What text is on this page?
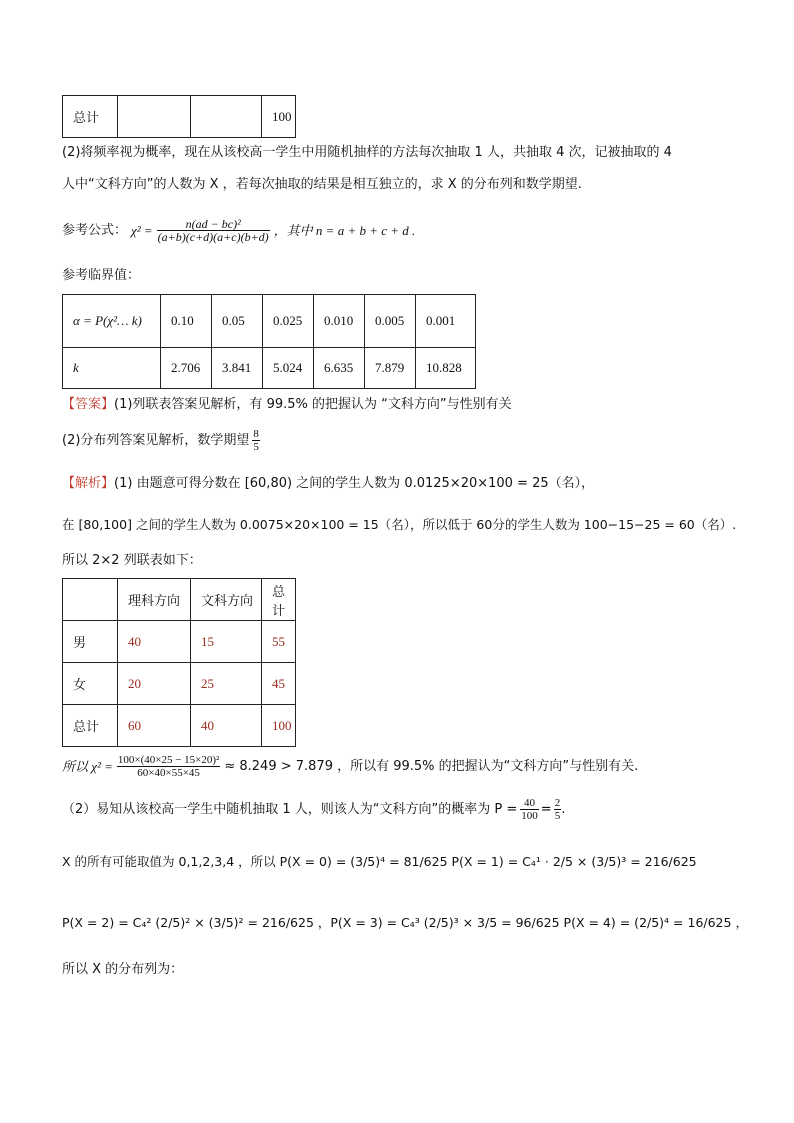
总计			100
(2)将频率视为概率，现在从该校高一学生中用随机抽样的方法每次抽取 1 人，共抽取 4 次，记被抽取的 4
人中“文科方向”的人数为 X ，若每次抽取的结果是相互独立的，求 X 的分布列和数学期望.
参考公式： $\chi^2 = \frac{\text{n(ad − bc)²}}{(a+b)(c+d)(a+c)(b+d)}$ ，其中 n = a + b + c + d .
参考临界值：
α = P(χ²… k)	0.10	0.05	0.025	0.010	0.005	0.001
k	2.706	3.841	5.024	6.635	7.879	10.828
【答案】(1)列联表答案见解析，有 99.5% 的把握认为 “文科方向”与性别有关
(2)分布列答案见解析，数学期望 $\frac{8}{5}$
【解析】(1) 由题意可得分数在 [60,80) 之间的学生人数为 0.0125×20×100 = 25（名），
在 [80,100] 之间的学生人数为 0.0075×20×100 = 15（名），所以低于 60分的学生人数为 100−15−25 = 60（名）.
所以 2×2 列联表如下：
	理科方向	文科方向	总计
男	40	15	55
女	20	25	45
总计	60	40	100
所以 $\chi^2 = \frac{\text{100×(40×25 − 15×20)²}}{60\times 40\times 55\times 45} \approx 8.249 > 7.879$ ，所以有 99.5% 的把握认为“文科方向”与性别有关.
（2）易知从该校高一学生中随机抽取 1 人，则该人为“文科方向”的概率为 $P = \frac{40}{100} = \frac{2}{5}$ .
X 的所有可能取值为 0,1,2,3,4 ，所以 P(X = 0) = (3/5)⁴ = 81/625 P(X = 1) = C₄¹ · 2/5 × (3/5)³ = 216/625
P(X = 2) = C₄² (2/5)² × (3/5)² = 216/625 ，P(X = 3) = C₄³ (2/5)³ × 3/5 = 96/625 P(X = 4) = (2/5)⁴ = 16/625 ，
所以 X 的分布列为：
